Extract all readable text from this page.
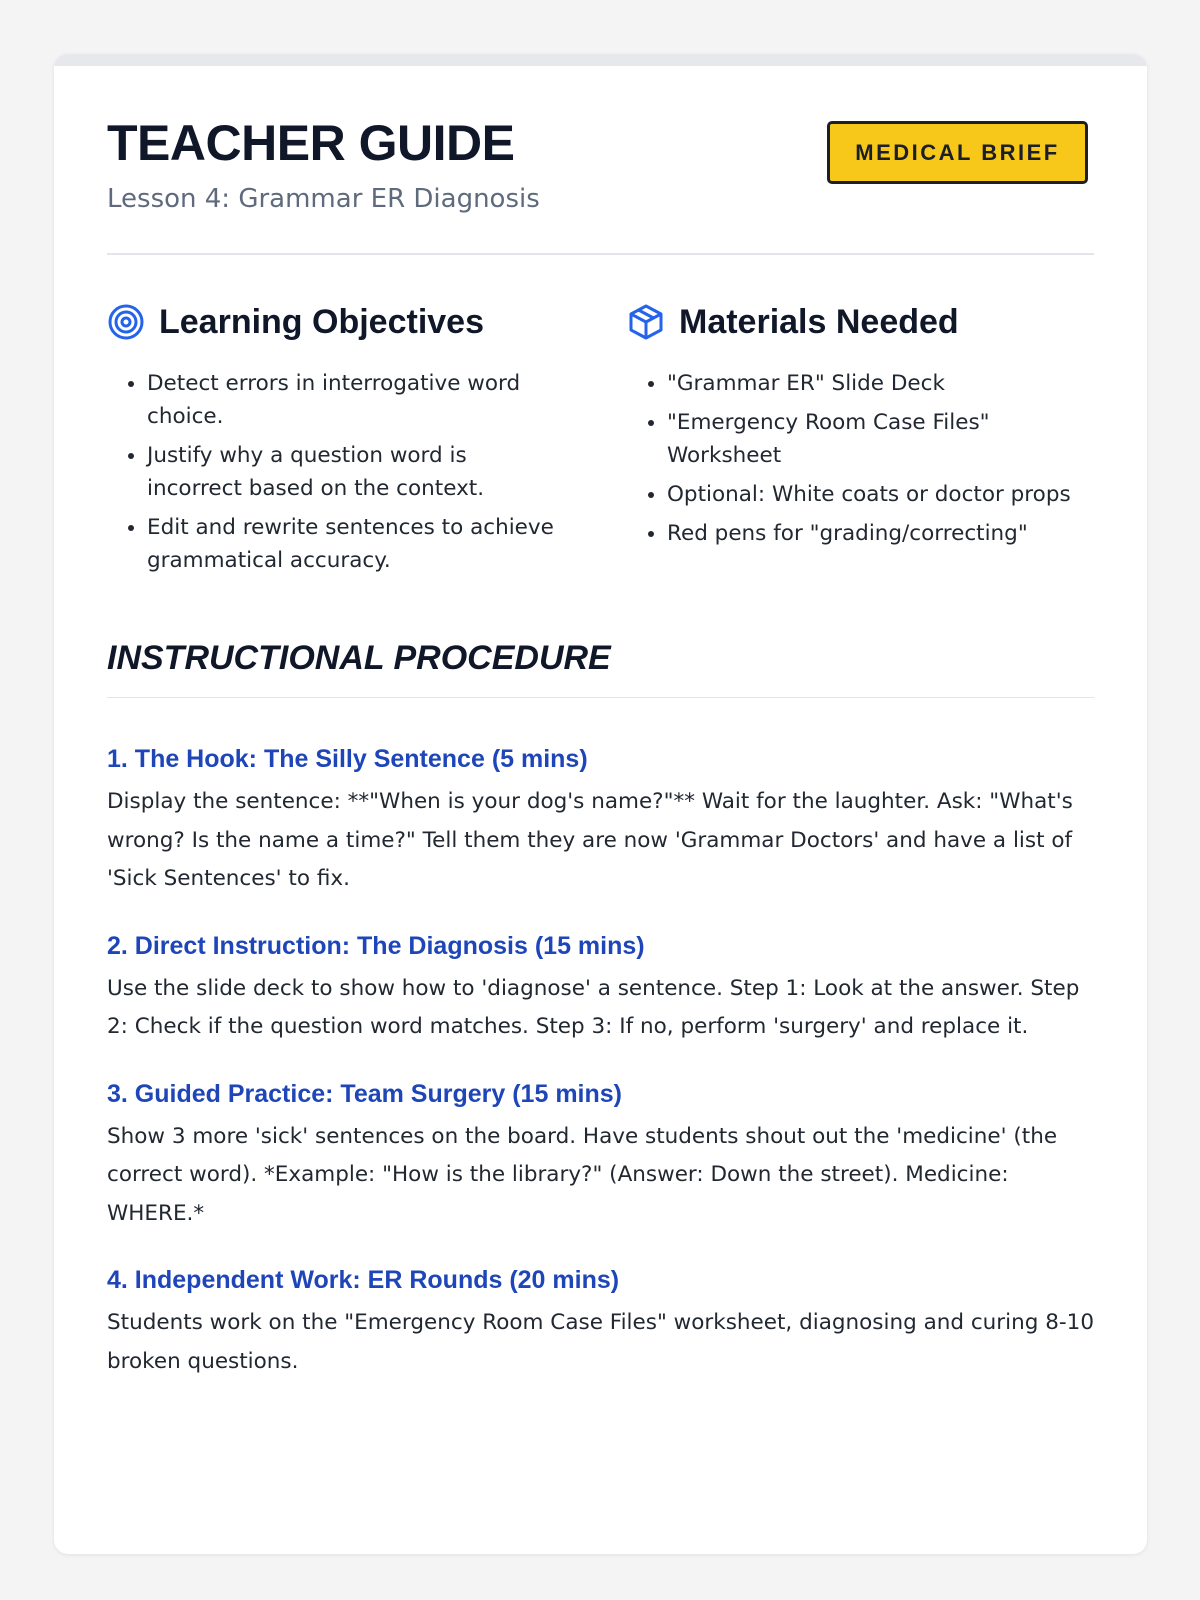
TEACHER GUIDE
Lesson 4: Grammar ER Diagnosis
MEDICAL BRIEF
Learning Objectives
• Detect errors in interrogative word choice.
• Justify why a question word is incorrect based on the context.
• Edit and rewrite sentences to achieve grammatical accuracy.
Materials Needed
• "Grammar ER" Slide Deck
• "Emergency Room Case Files" Worksheet
• Optional: White coats or doctor props
• Red pens for "grading/correcting"
INSTRUCTIONAL PROCEDURE
1. The Hook: The Silly Sentence (5 mins)

Display the sentence: **"When is your dog's name?"** Wait for the laughter. Ask: "What's wrong? Is the name a time?" Tell them they are now 'Grammar Doctors' and have a list of 'Sick Sentences' to fix.

2. Direct Instruction: The Diagnosis (15 mins)

Use the slide deck to show how to 'diagnose' a sentence. Step 1: Look at the answer. Step 2: Check if the question word matches. Step 3: If no, perform 'surgery' and replace it.

3. Guided Practice: Team Surgery (15 mins)

Show 3 more 'sick' sentences on the board. Have students shout out the 'medicine' (the correct word). *Example: "How is the library?" (Answer: Down the street). Medicine: WHERE.*

4. Independent Work: ER Rounds (20 mins)

Students work on the "Emergency Room Case Files" worksheet, diagnosing and curing 8-10 broken questions.
